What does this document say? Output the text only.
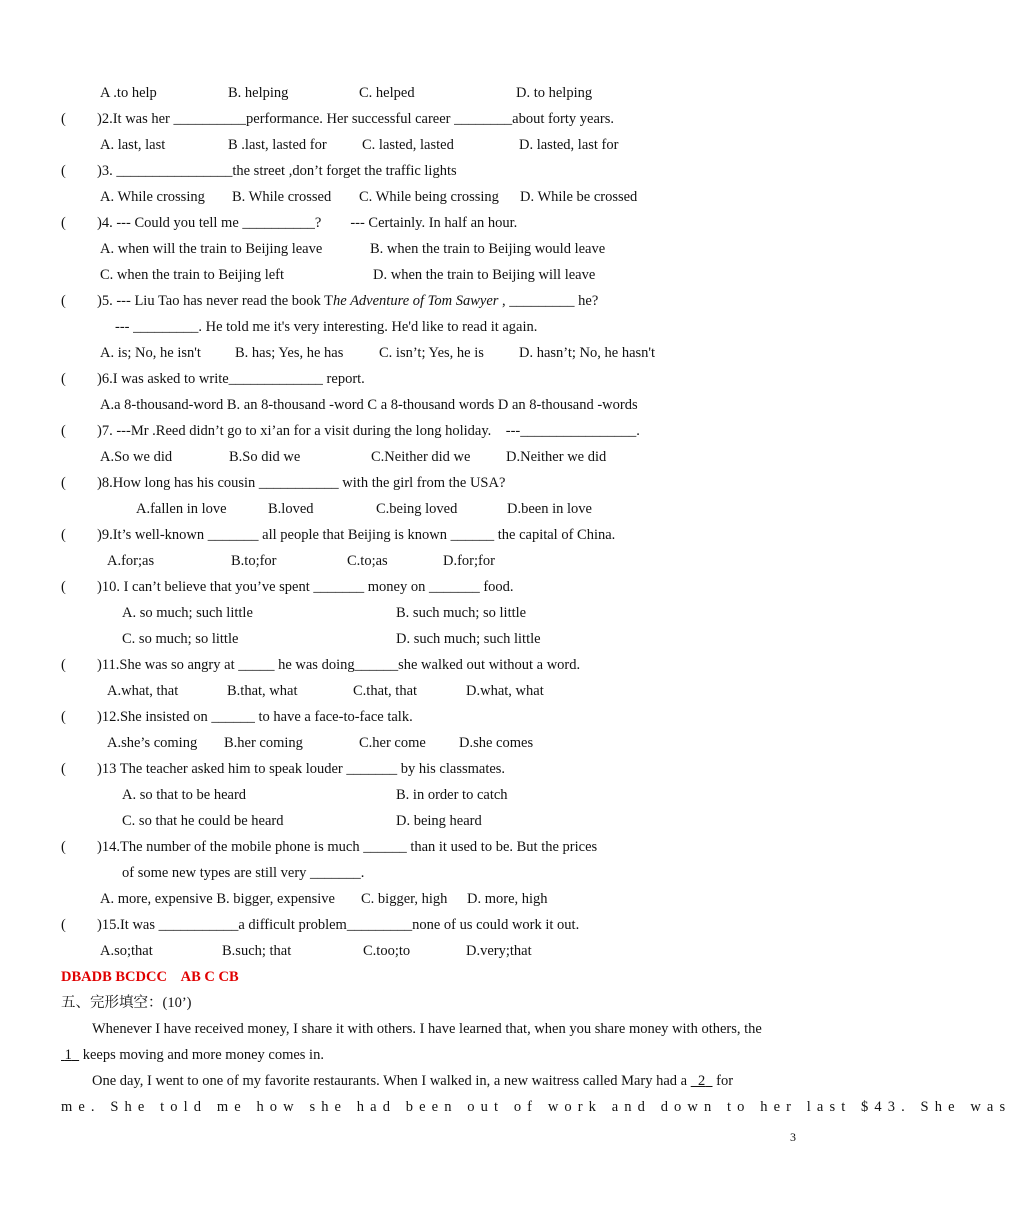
A .to help	B. helping	C. helped	D. to helping
( )2.It was her __________performance. Her successful career ________about forty years.
A. last, last	B .last, lasted for C. lasted, lasted	D. lasted, last for
( )3. ________________the street ,don’t forget the traffic lights
A. While crossing B. While crossed C. While being crossing D. While be crossed
( )4. --- Could you tell me __________?        --- Certainly. In half an hour.
A. when will the train to Beijing leave	B. when the train to Beijing would leave
C. when the train to Beijing left	D. when the train to Beijing will leave
( )5. --- Liu Tao has never read the book The Adventure of Tom Sawyer , _________ he?
--- _________. He told me it's very interesting. He'd like to read it again.
A. is; No, he isn't B. has; Yes, he has C. isn’t; Yes, he is D. hasn’t; No, he hasn't
( )6.I was asked to write_____________ report.
A.a 8-thousand-word B. an 8-thousand -word C a 8-thousand words D an 8-thousand -words
( )7. ---Mr .Reed didn’t go to xi’an for a visit during the long holiday.    ---________________.
A.So we did	B.So did we	C.Neither did we D.Neither we did
( )8.How long has his cousin ___________ with the girl from the USA?
A.fallen in love	B.loved	C.being loved	D.been in love
( )9.It’s well-known _______ all people that Beijing is known ______ the capital of China.
A.for;as	B.to;for	C.to;as	D.for;for
( )10. I can’t believe that you’ve spent _______ money on _______ food.
A. so much; such little	B. such much; so little
C. so much; so little	D. such much; such little
( )11.She was so angry at _____ he was doing______she walked out without a word.
A.what, that	B.that, what	C.that, that	D.what, what
( )12.She insisted on ______ to have a face-to-face talk.
A.she’s coming B.her coming	C.her come D.she comes
( )13 The teacher asked him to speak louder _______ by his classmates.
A. so that to be heard	B. in order to catch
C. so that he could be heard	D. being heard
( )14.The number of the mobile phone is much ______ than it used to be. But the prices
of some new types are still very _______.
A. more, expensive B. bigger, expensive C. bigger, high D. more, high
( )15.It was ___________a difficult problem_________none of us could work it out.
A.so;that	B.such; that	C.too;to	D.very;that
DBADB BCDCC    AB C CB
五、完形填空：(10’)
Whenever I have received money, I share it with others. I have learned that, when you share money with others, the
1   keeps moving and more money comes in.
One day, I went to one of my favorite restaurants. When I walked in, a new waitress called Mary had a   2   for
me. She told me how she had been out of work and down to her last $43. She was
3
